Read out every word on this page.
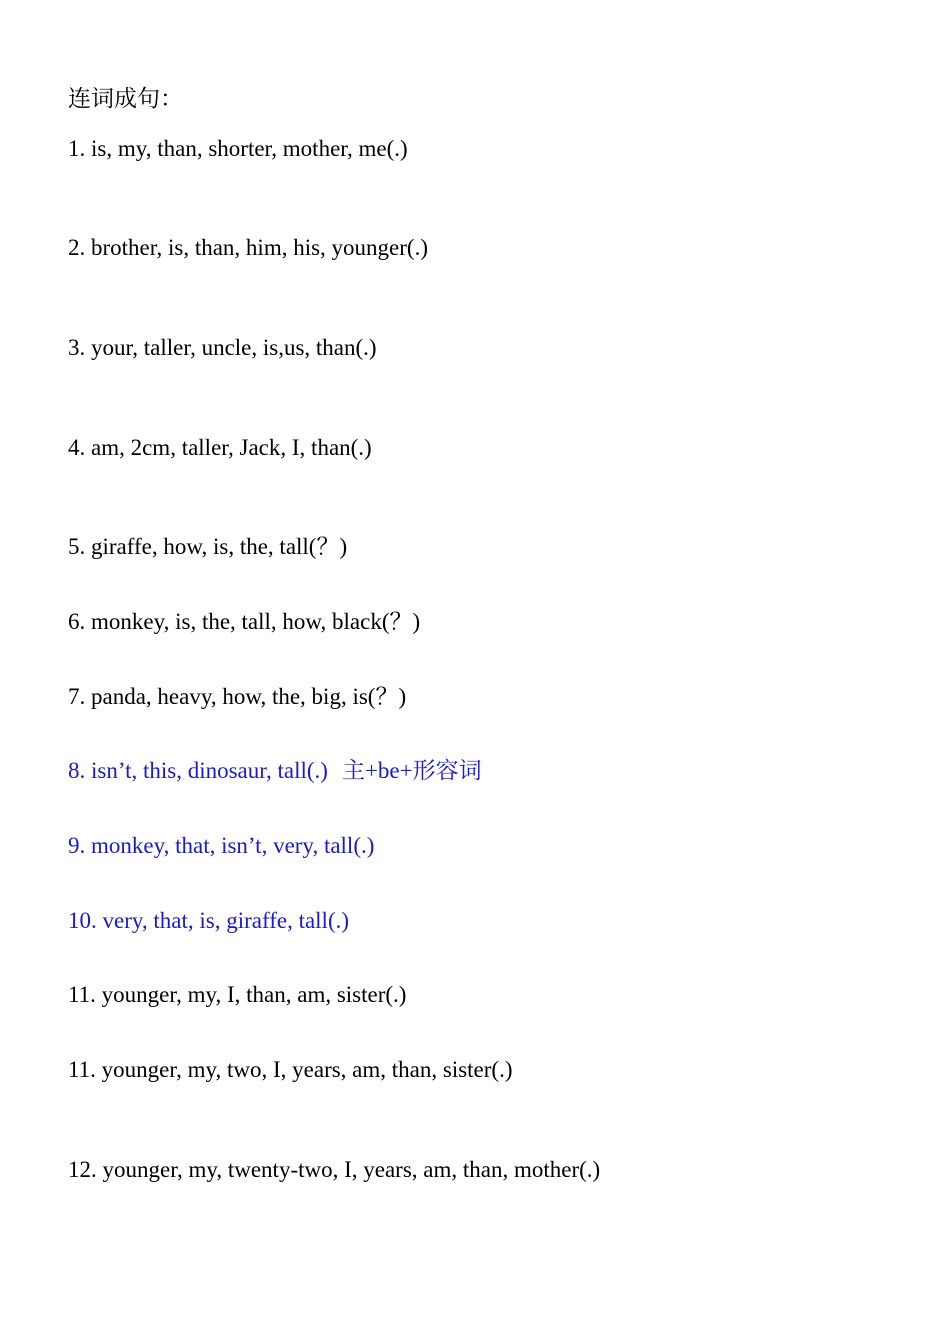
连词成句：
1. is, my, than, shorter, mother, me(.)
2. brother, is, than, him, his, younger(.)
3. your, taller, uncle, is,us, than(.)
4. am, 2cm, taller, Jack, I, than(.)
5. giraffe, how, is, the, tall(？)
6. monkey, is, the, tall, how, black(？)
7. panda, heavy, how, the, big, is(？)
8. isn’t, this, dinosaur, tall(.) 主+be+形容词
9. monkey, that, isn’t, very, tall(.)
10. very, that, is, giraffe, tall(.)
11. younger, my, I, than, am, sister(.)
11. younger, my, two, I, years, am, than, sister(.)
12. younger, my, twenty-two, I, years, am, than, mother(.)
